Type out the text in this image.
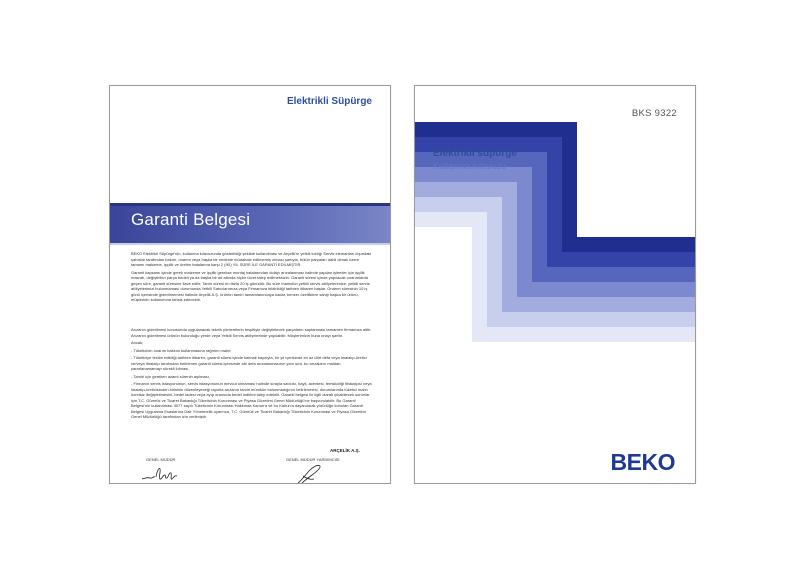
Elektrikli Süpürge
Garanti Belgesi

BEKO Elektrikli Süpürge'nin, kullanma kılavuzunda gösterildiği şekilde kullanılması ve Arçelik'in yetkili kıldığı Servis elemanları dışındaki şahıslar tarafından bakım, onarım veya başka bir nedenle müdahale edilmemiş olması şartıyla, bütün parçaları dahil olmak üzere tamamı malzeme, işçilik ve üretim hatalarına karşı 2 (İKİ) YIL SÜRE İLE GARANTİ EDİLMİŞTİR.

Garanti kapsamı içinde gerek malzeme ve işçilik gerekse montaj hatalarından dolayı arızalanması halinde yapılan işlemler için işçilik masrafı, değiştirilen parça bedeli ya da başka bir ad altında hiçbir ücret talep edilmeksizin. Garanti süresi içinde yapılacak onarımlarda geçen süre, garanti süresine ilave edilir. Tamir süresi en fazla 20 iş günüdür. Bu süre mamulün yetkili servis atölyelerimize, yetkili servis atölyelerimizi bulunmaması durumunda Yetkili Satıcılarımıza veya Firmamıza bildirildiği tarihten itibaren başlar. Onarım süresinin 10 iş günü içerisinde gideriimemesi halinde Arçelik A.Ş. ürünün tamiri tamamlanıncaya kadar, benzer özelliklere sahip başka bir ürünü, müşterinin kullanımına tahsis edecektir.

Arızanın giderilmesi konusunda uygulanacak teknik yöntemlerin tespitiyle değiştirilecek parçaların saptanması tamamen firmamıza aittir. Arızanın giderilmesi ürünün bulunduğu yerde veya Yetkili Servis atölyelerinde yapılabilir. Müşterimizin buna onayı şarttır.

Ancak;

- Tüketicinin onarım hakkını kullanmasına rağmen malın;

- Tüketiciye teslim edildiği tarihten itibaren, garanti süresi içinde kalmak kaydıyla, bir yıl içerisinde en az dört defa veya imalatçı-üretici ve/veya ithalatçı tarafından belirlenen garanti süresi içerisinde altı defa arızalanmasının yanı sıra, bu arızaların maldan yararlanamamayı sürekli kılması,

- Tamiri için gereken azami sürenin aşılması,

- Firmanın servis istasyonunun, servis istasyonunun mevcut olmaması halinde sırayla satıcısı, bayii, acentesi, temsilciliği ithalatçısı veya imalatçı-üreticisinden birisinin düzenleyeceği raporla arızanın tamiri mümkün bulunmadığının belirlenmesi, durumlarında tüketici malın ücretsiz değiştirilmesini, bedel iadesi veya ayıp oranında bedel indirimi talep edebilir. Garanti belgesi ile ilgili olarak çıkabilecek sorunlar için T.C. Gümrük ve Ticaret Bakanlığı Tüketicinin Korunması ve Piyasa Gözetimi Genel Müdürlüğü'ne başvurulabilir. Bu Garanti Belgesi'nin kullanılması 4077 sayılı Tüketicinin Korunması Hakkında Kanun'a ve bu Kanun'a dayanılarak yürürlüğe konulan Garanti Belgesi Uygulama Esaslarına Dair Yönetmelik uyarınca, T.C. Gümrük ve Ticaret Bakanlığı Tüketicinin Korunması ve Piyasa Gözetimi Genel Müdürlüğü tarafından izin verilmiştir.

ARÇELİK A.Ş.
GENEL MÜDÜR	GENEL MÜDÜR YARDIMCISI

BKS 9322
Elektrikli süpürge
Kullanma kılavuzu
BEKO
